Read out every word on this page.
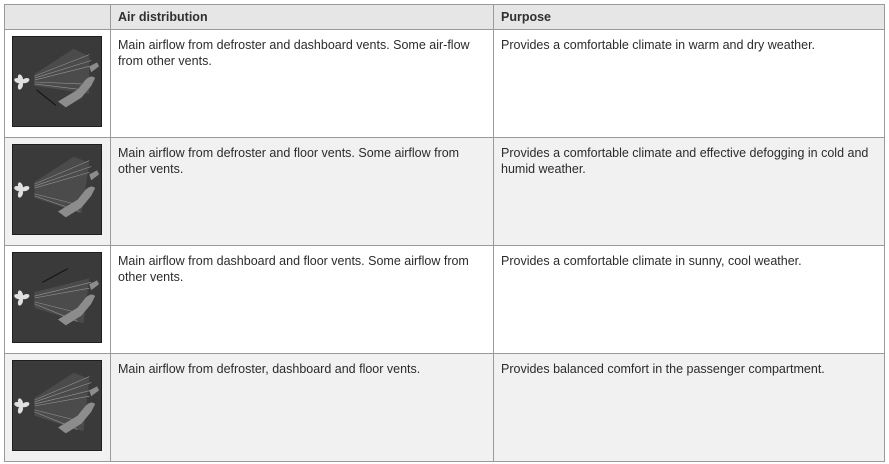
	Air distribution	Purpose

	Main airflow from defroster and dashboard vents. Some air-flow from other vents.	Provides a comfortable climate in warm and dry weather.

	Main airflow from defroster and floor vents. Some airflow from other vents.	Provides a comfortable climate and effective defogging in cold and humid weather.

	Main airflow from dashboard and floor vents. Some airflow from other vents.	Provides a comfortable climate in sunny, cool weather.

	Main airflow from defroster, dashboard and floor vents.	Provides balanced comfort in the passenger compartment.
